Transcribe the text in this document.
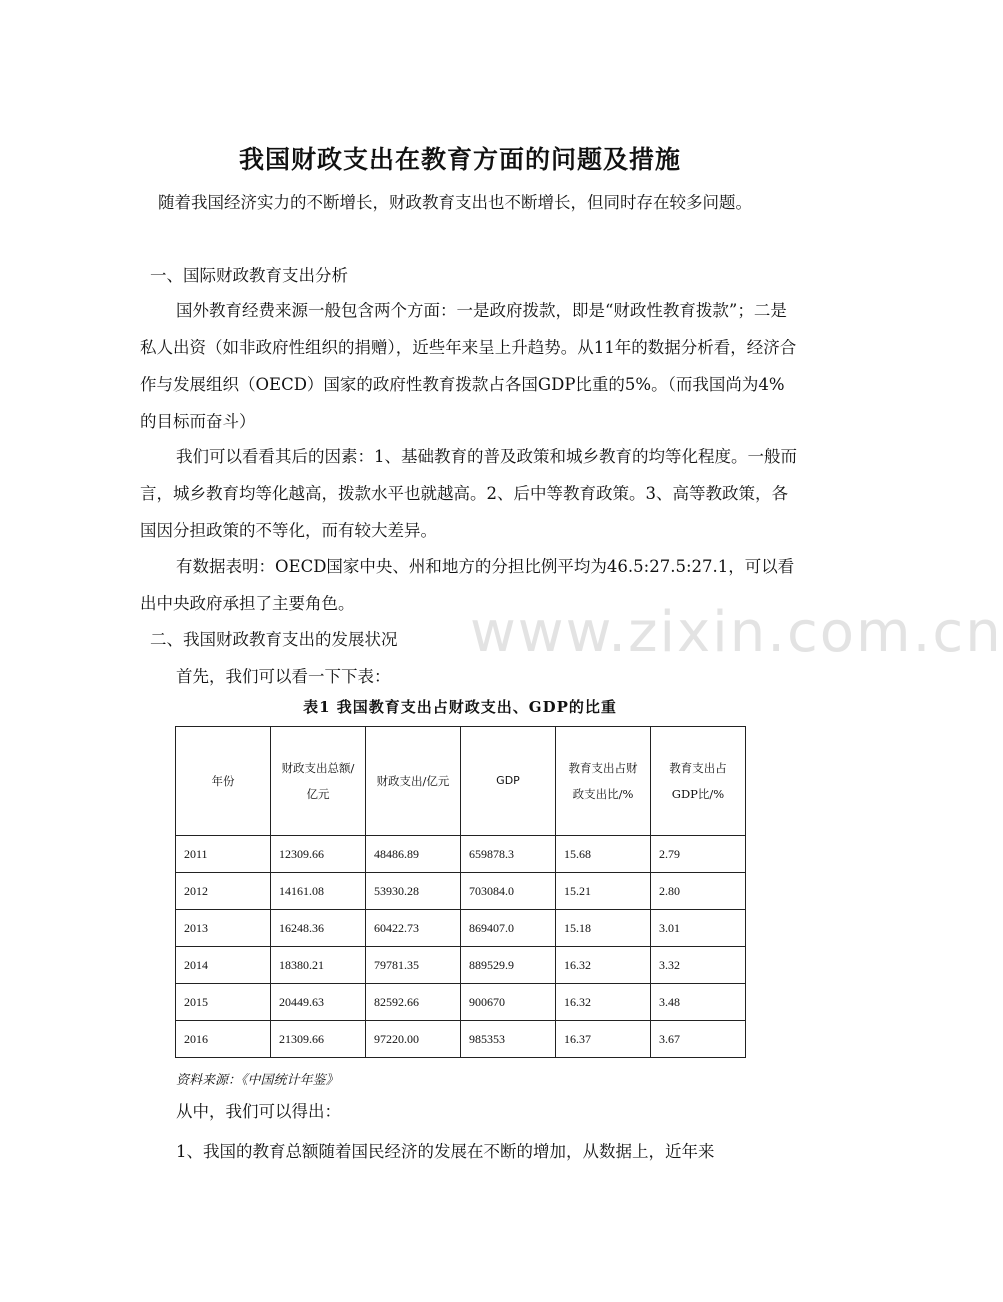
我国财政支出在教育方面的问题及措施
随着我国经济实力的不断增长，财政教育支出也不断增长，但同时存在较多问题。
一、国际财政教育支出分析
国外教育经费来源一般包含两个方面：一是政府拨款，即是“财政性教育拨款”；二是私人出资（如非政府性组织的捐赠），近些年来呈上升趋势。从11年的数据分析看，经济合作与发展组织（OECD）国家的政府性教育拨款占各国GDP比重的5%。（而我国尚为4%的目标而奋斗）
我们可以看看其后的因素：1、基础教育的普及政策和城乡教育的均等化程度。一般而言，城乡教育均等化越高，拨款水平也就越高。2、后中等教育政策。3、高等教政策，各国因分担政策的不等化，而有较大差异。
有数据表明：OECD国家中央、州和地方的分担比例平均为46.5:27.5:27.1，可以看出中央政府承担了主要角色。	www.zixin.com.cn
二、我国财政教育支出的发展状况
首先，我们可以看一下下表：
表1 我国教育支出占财政支出、GDP的比重
年份	财政支出总额/亿元	财政支出/亿元	GDP	教育支出占财政支出比/%	教育支出占GDP比/%
2011	12309.66	48486.89	659878.3	15.68	2.79
2012	14161.08	53930.28	703084.0	15.21	2.80
2013	16248.36	60422.73	869407.0	15.18	3.01
2014	18380.21	79781.35	889529.9	16.32	3.32
2015	20449.63	82592.66	900670	16.32	3.48
2016	21309.66	97220.00	985353	16.37	3.67
资料来源：《中国统计年鉴》
从中，我们可以得出：
1、我国的教育总额随着国民经济的发展在不断的增加，从数据上，近年来
